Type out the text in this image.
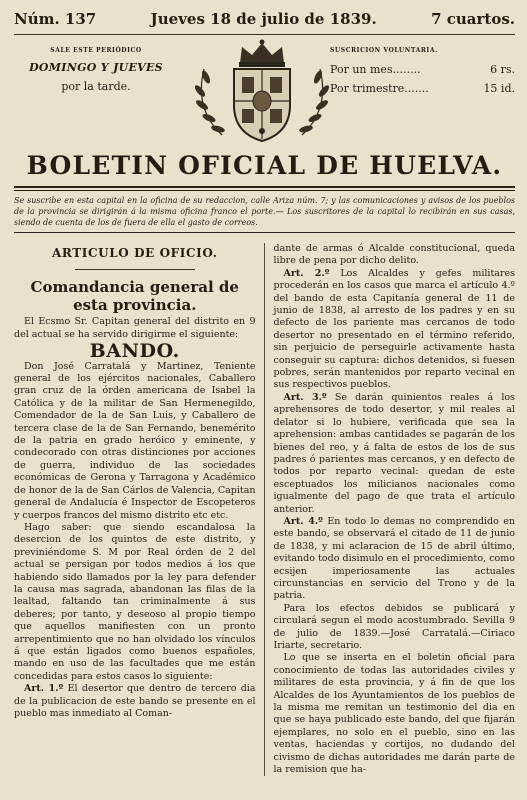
Núm. 137	Jueves 18 de julio de 1839.	7 cuartos.
SALE ESTE PERIÓDICO
DOMINGO Y JUEVES
por la tarde.
SUSCRICION VOLUNTARIA.
Por un mes........	6 rs.
Por trimestre.......	15 id.
BOLETIN OFICIAL DE HUELVA.
Se suscribe en esta capital en la oficina de su redaccion, calle Ariza núm. 7; y las comunicaciones y avisos de los pueblos de la provincia se dirigirán á la misma oficina franco el porte.— Los suscritores de la capital lo recibirán en sus casas, siendo de cuenta de los de fuera de ella el gasto de correos.
ARTICULO DE OFICIO.
Comandancia general de esta provincia.

El Ecsmo Sr. Capitan general del distrito en 9 del actual se ha servido dirigirme el siguiente:

BANDO.

Don José Carratalá y Martinez, Teniente general de los ejércitos nacionales, Caballero gran cruz de la órden americana de Isabel la Católica y de la militar de San Hermenegildo, Comendador de la de San Luis, y Caballero de tercera clase de la de San Fernando, benemérito de la patria en grado heróico y eminente, y condecorado con otras distinciones por acciones de guerra, individuo de las sociedades económicas de Gerona y Tarragona y Académico de honor de la de San Cárlos de Valencia, Capitan general de Andalucía é Inspector de Escopeteros y cuerpos francos del mismo distrito etc etc.

Hago saber: que siendo escandalosa la desercion de los quintos de este distrito, y previniéndome S. M por Real órden de 2 del actual se persigan por todos medios á los que habiendo sido llamados por la ley para defender la causa mas sagrada, abandonan las filas de la lealtad, faltando tan criminalmente á sus deberes; por tanto, y deseoso al propio tiempo que aquellos manifiesten con un pronto arrepentimiento que no han olvidado los vínculos á que están ligados como buenos españoles, mando en uso de las facultades que me están concedidas para estos casos lo siguiente:

Art. 1.º El desertor que dentro de tercero dia de la publicacion de este bando se presente en el pueblo mas inmediato al Coman-

dante de armas ó Alcalde constitucional, queda libre de pena por dicho delito.

Art. 2.º Los Alcaldes y gefes militares procederán en los casos que marca el artículo 4.º del bando de esta Capitanía general de 11 de junio de 1838, al arresto de los padres y en su defecto de los pariente mas cercanos de todo desertor no presentado en el término referido, sin perjuicio de perseguirle activamente hasta conseguir su captura: dichos detenidos, si fuesen pobres, serán mantenidos por reparto vecinal en sus respectivos pueblos.

Art. 3.º Se darán quinientos reales á los aprehensores de todo desertor, y mil reales al delator si lo hubiere, verificada que sea la aprehension: ambas cantidades se pagarán de los bienes del reo, y á falta de estos de los de sus padres ó parientes mas cercanos, y en defecto de todos por reparto vecinal: quedan de este esceptuados los milicianos nacionales como igualmente del pago de que trata el artículo anterior.

Art. 4.º En todo lo demas no comprendido en este bando, se observará el citado de 11 de junio de 1838, y mi aclaracion de 15 de abril último, evitando todo disimulo en el procedimiento, como ecsijen imperiosamente las actuales circunstancias en servicio del Trono y de la patria.

Para los efectos debidos se publicará y circulará segun el modo acostumbrado. Sevilla 9 de julio de 1839.—José Carratalá.—Ciriaco Iriarte, secretario.

Lo que se inserta en el boletin oficial para conocimiento de todas las autoridades civiles y militares de esta provincia, y á fin de que los Alcaldes de los Ayuntamientos de los pueblos de la misma me remitan un testimonio del dia en que se haya publicado este bando, del que fijarán ejemplares, no solo en el pueblo, sino en las ventas, haciendas y cortijos, no dudando del civismo de dichas autoridades me darán parte de la remision que ha-
